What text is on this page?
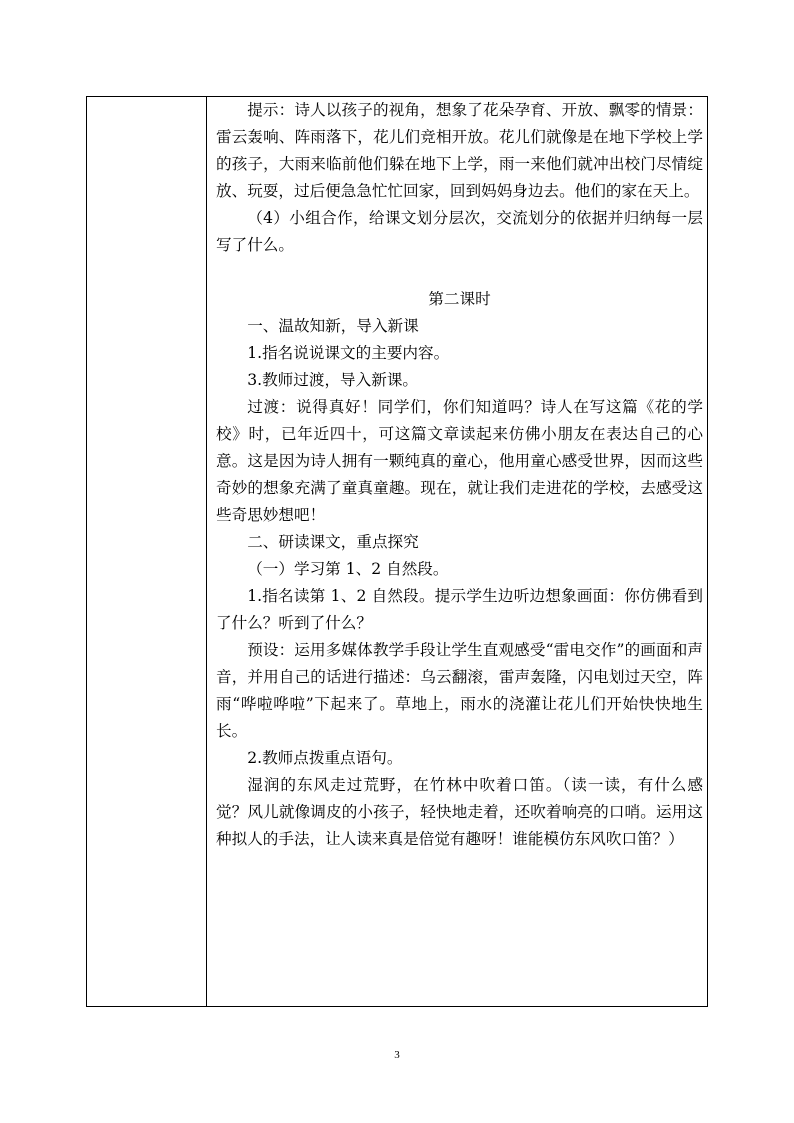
提示：诗人以孩子的视角，想象了花朵孕育、开放、飘零的情景：雷云轰响、阵雨落下，花儿们竞相开放。花儿们就像是在地下学校上学的孩子，大雨来临前他们躲在地下上学，雨一来他们就冲出校门尽情绽放、玩耍，过后便急急忙忙回家，回到妈妈身边去。他们的家在天上。

（4）小组合作，给课文划分层次，交流划分的依据并归纳每一层写了什么。

第二课时

一、温故知新，导入新课

1.指名说说课文的主要内容。

3.教师过渡，导入新课。

过渡：说得真好！同学们，你们知道吗？诗人在写这篇《花的学校》时，已年近四十，可这篇文章读起来仿佛小朋友在表达自己的心意。这是因为诗人拥有一颗纯真的童心，他用童心感受世界，因而这些奇妙的想象充满了童真童趣。现在，就让我们走进花的学校，去感受这些奇思妙想吧！

二、研读课文，重点探究

（一）学习第 1、2 自然段。

1.指名读第 1、2 自然段。提示学生边听边想象画面：你仿佛看到了什么？听到了什么？

预设：运用多媒体教学手段让学生直观感受“雷电交作”的画面和声音，并用自己的话进行描述：乌云翻滚，雷声轰隆，闪电划过天空，阵雨“哗啦哗啦”下起来了。草地上，雨水的浇灌让花儿们开始快快地生长。

2.教师点拨重点语句。

湿润的东风走过荒野，在竹林中吹着口笛。（读一读，有什么感觉？风儿就像调皮的小孩子，轻快地走着，还吹着响亮的口哨。运用这种拟人的手法，让人读来真是倍觉有趣呀！谁能模仿东风吹口笛？）

3
